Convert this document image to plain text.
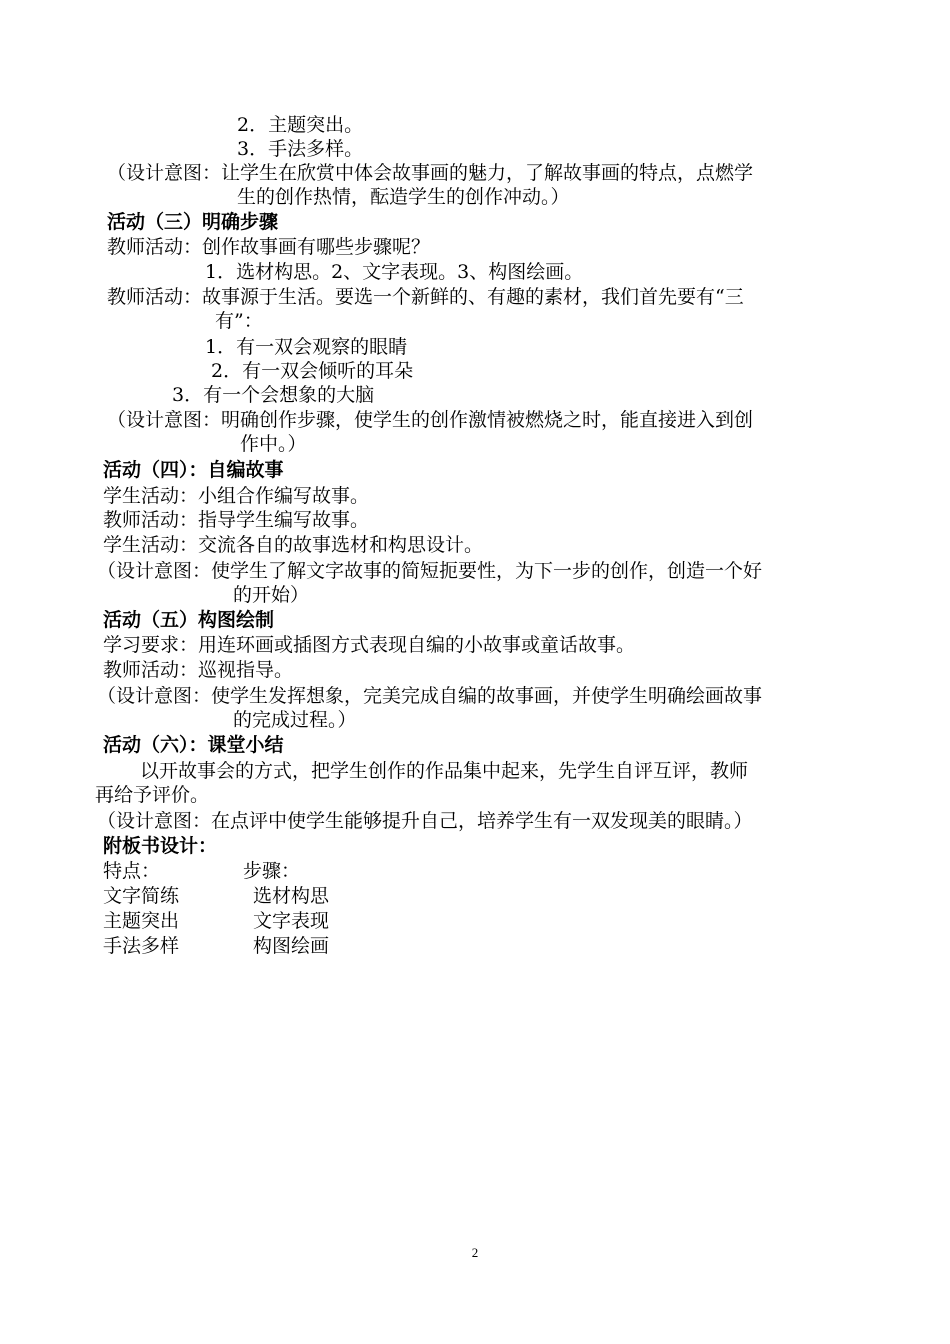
2．主题突出。
3．手法多样。
（设计意图：让学生在欣赏中体会故事画的魅力，了解故事画的特点，点燃学
生的创作热情，酝造学生的创作冲动。）
活动（三）明确步骤
教师活动：创作故事画有哪些步骤呢？
1．选材构思。2、文字表现。3、构图绘画。
教师活动：故事源于生活。要选一个新鲜的、有趣的素材，我们首先要有“三
有”：
1．有一双会观察的眼睛
2．有一双会倾听的耳朵
3．有一个会想象的大脑
（设计意图：明确创作步骤，使学生的创作激情被燃烧之时，能直接进入到创
作中。）
活动（四）：自编故事
学生活动：小组合作编写故事。
教师活动：指导学生编写故事。
学生活动：交流各自的故事选材和构思设计。
（设计意图：使学生了解文字故事的简短扼要性，为下一步的创作，创造一个好
的开始）
活动（五）构图绘制
学习要求：用连环画或插图方式表现自编的小故事或童话故事。
教师活动：巡视指导。
（设计意图：使学生发挥想象，完美完成自编的故事画，并使学生明确绘画故事
的完成过程。）
活动（六）：课堂小结
以开故事会的方式，把学生创作的作品集中起来，先学生自评互评，教师
再给予评价。
（设计意图：在点评中使学生能够提升自己，培养学生有一双发现美的眼睛。）
附板书设计：
特点：	步骤：
文字简练	选材构思
主题突出	文字表现
手法多样	构图绘画
2
